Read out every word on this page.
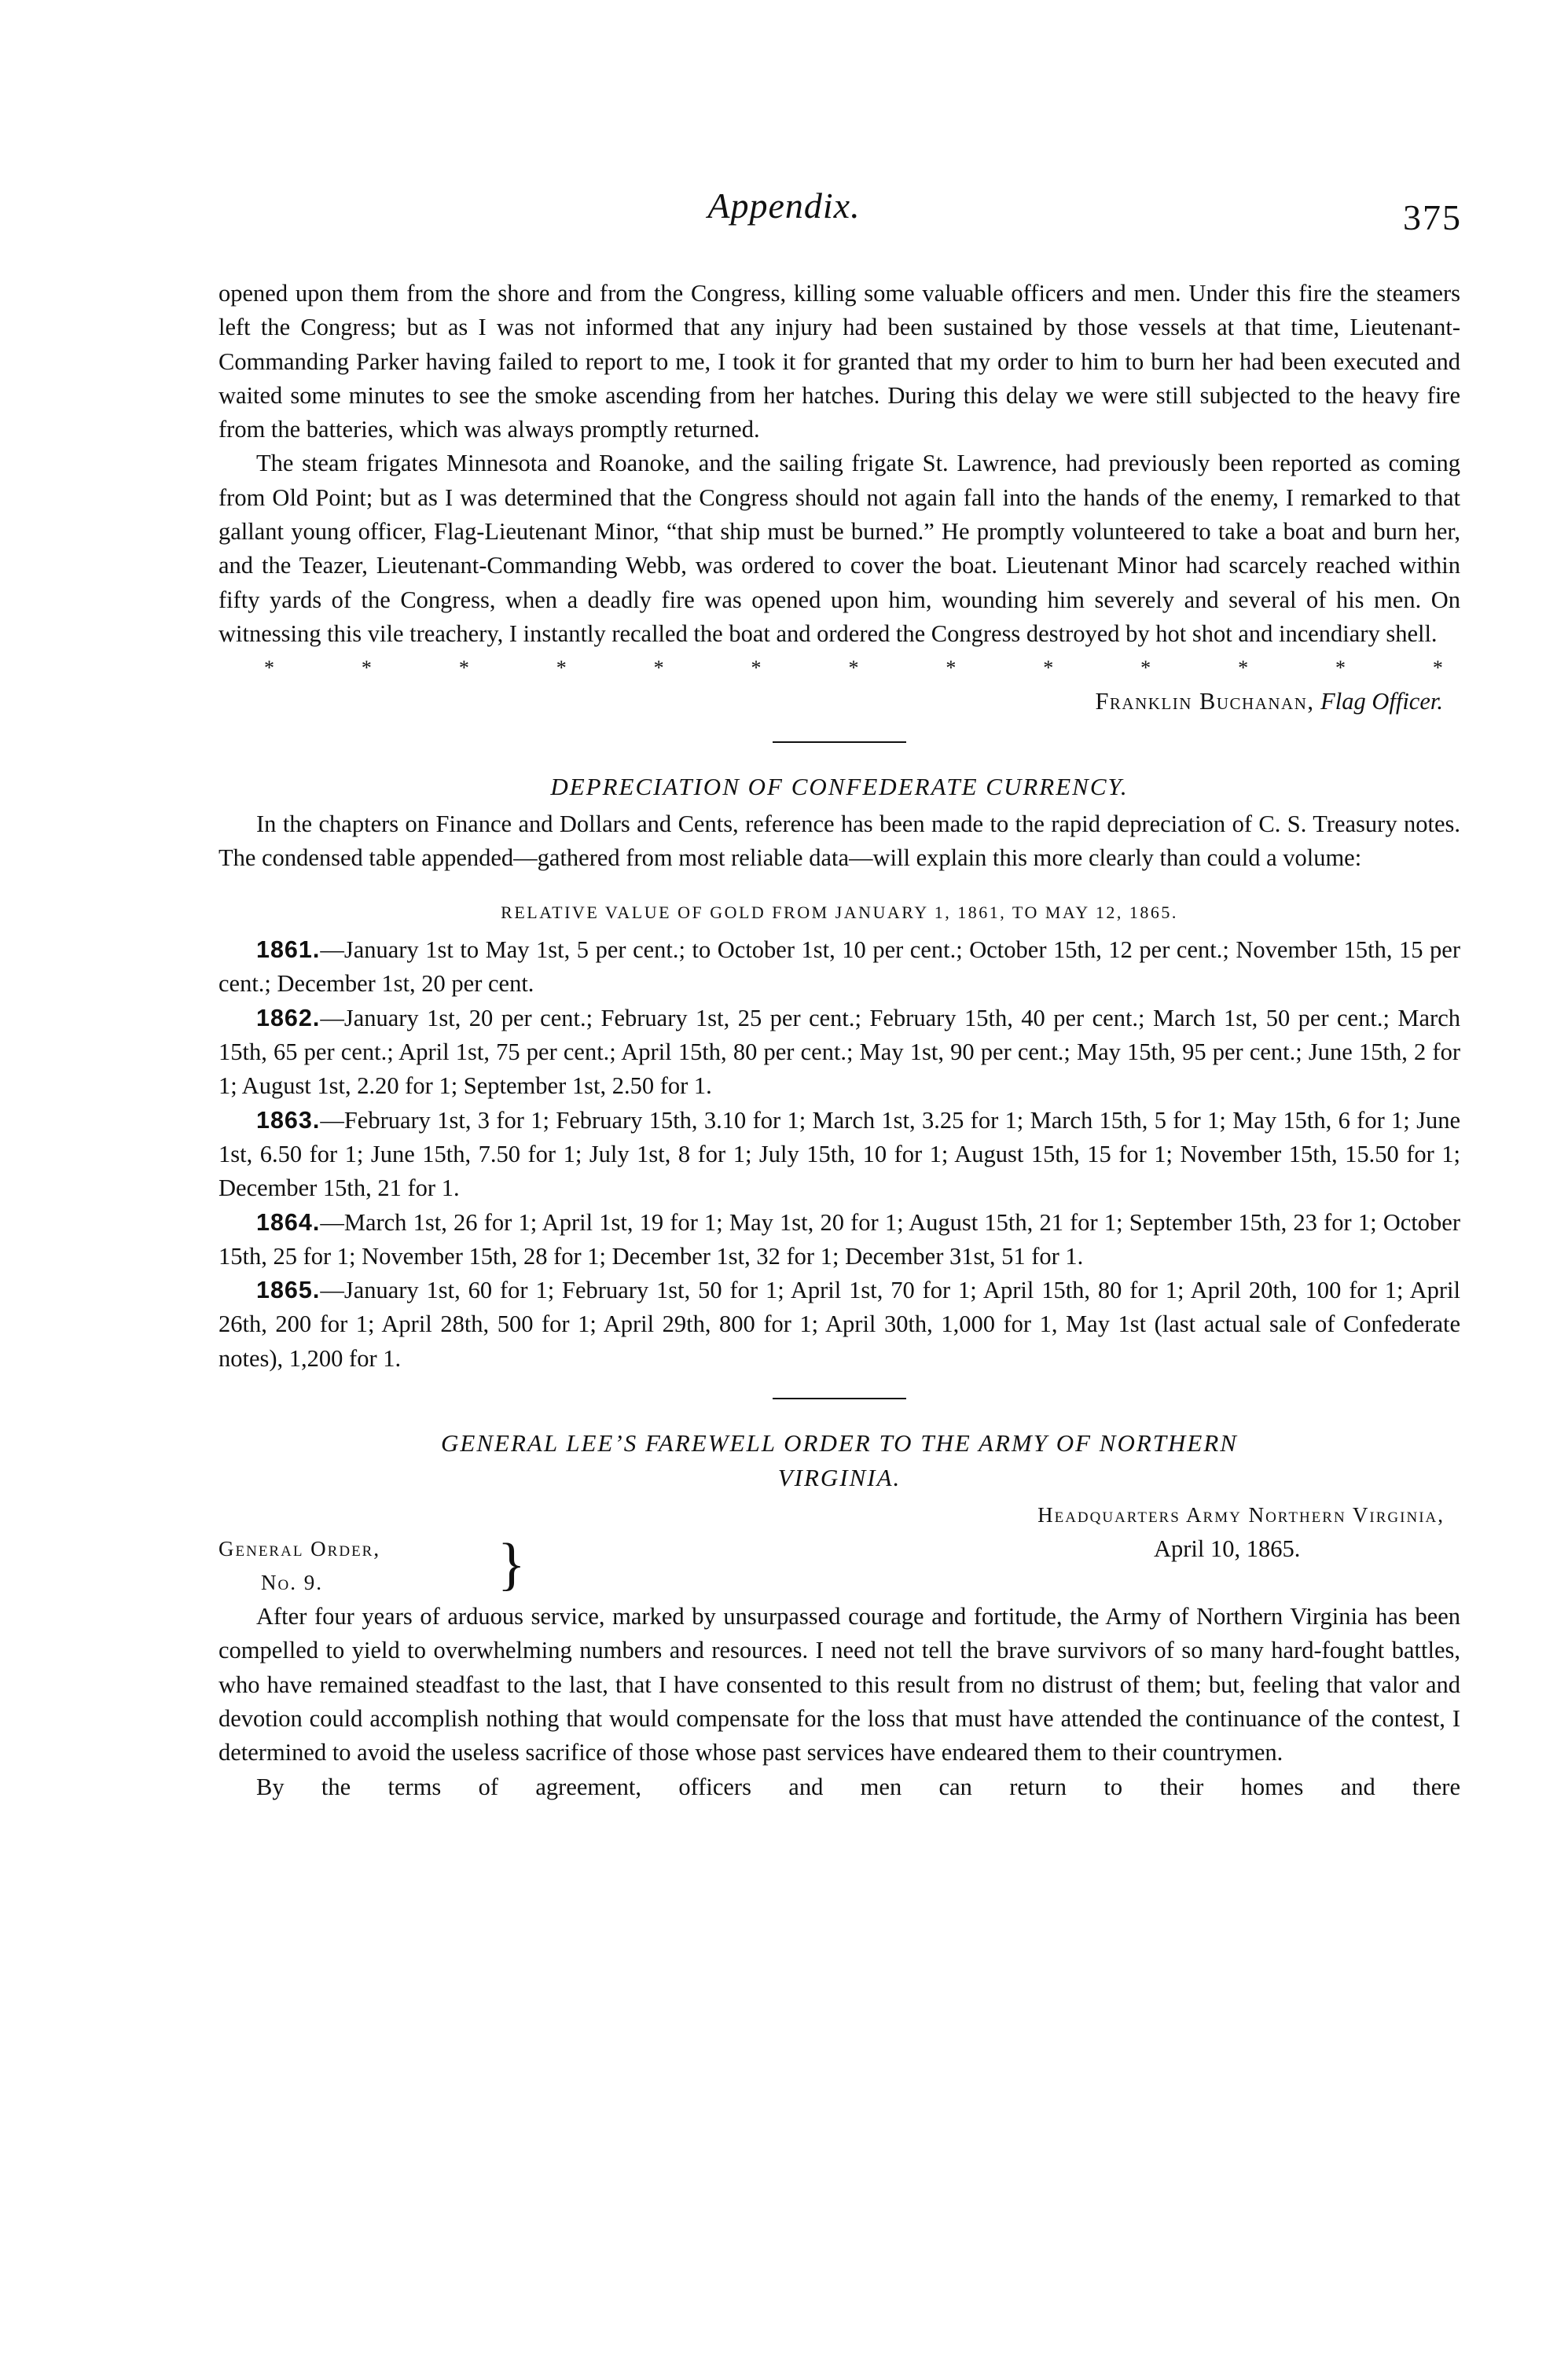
Appendix.	375

opened upon them from the shore and from the Congress, killing some valuable officers and men. Under this fire the steamers left the Congress; but as I was not informed that any injury had been sustained by those vessels at that time, Lieutenant-Commanding Parker having failed to report to me, I took it for granted that my order to him to burn her had been executed and waited some minutes to see the smoke ascending from her hatches. During this delay we were still subjected to the heavy fire from the batteries, which was always promptly returned.

The steam frigates Minnesota and Roanoke, and the sailing frigate St. Lawrence, had previously been reported as coming from Old Point; but as I was determined that the Congress should not again fall into the hands of the enemy, I remarked to that gallant young officer, Flag-Lieutenant Minor, “that ship must be burned.” He promptly volunteered to take a boat and burn her, and the Teazer, Lieutenant-Commanding Webb, was ordered to cover the boat. Lieutenant Minor had scarcely reached within fifty yards of the Congress, when a deadly fire was opened upon him, wounding him severely and several of his men. On witnessing this vile treachery, I instantly recalled the boat and ordered the Congress destroyed by hot shot and incendiary shell.

*	*	*	*	*	*	*	*	*	*	*	*	*
Franklin Buchanan, Flag Officer.
DEPRECIATION OF CONFEDERATE CURRENCY.

In the chapters on Finance and Dollars and Cents, reference has been made to the rapid depreciation of C. S. Treasury notes. The condensed table appended—gathered from most reliable data—will explain this more clearly than could a volume:

RELATIVE VALUE OF GOLD FROM JANUARY 1, 1861, TO MAY 12, 1865.

1861.—January 1st to May 1st, 5 per cent.; to October 1st, 10 per cent.; October 15th, 12 per cent.; November 15th, 15 per cent.; December 1st, 20 per cent.

1862.—January 1st, 20 per cent.; February 1st, 25 per cent.; February 15th, 40 per cent.; March 1st, 50 per cent.; March 15th, 65 per cent.; April 1st, 75 per cent.; April 15th, 80 per cent.; May 1st, 90 per cent.; May 15th, 95 per cent.; June 15th, 2 for 1; August 1st, 2.20 for 1; September 1st, 2.50 for 1.

1863.—February 1st, 3 for 1; February 15th, 3.10 for 1; March 1st, 3.25 for 1; March 15th, 5 for 1; May 15th, 6 for 1; June 1st, 6.50 for 1; June 15th, 7.50 for 1; July 1st, 8 for 1; July 15th, 10 for 1; August 15th, 15 for 1; November 15th, 15.50 for 1; December 15th, 21 for 1.

1864.—March 1st, 26 for 1; April 1st, 19 for 1; May 1st, 20 for 1; August 15th, 21 for 1; September 15th, 23 for 1; October 15th, 25 for 1; November 15th, 28 for 1; December 1st, 32 for 1; December 31st, 51 for 1.

1865.—January 1st, 60 for 1; February 1st, 50 for 1; April 1st, 70 for 1; April 15th, 80 for 1; April 20th, 100 for 1; April 26th, 200 for 1; April 28th, 500 for 1; April 29th, 800 for 1; April 30th, 1,000 for 1, May 1st (last actual sale of Confederate notes), 1,200 for 1.

GENERAL LEE’S FAREWELL ORDER TO THE ARMY OF NORTHERN
VIRGINIA.
Headquarters Army Northern Virginia,
General Order,
No. 9.	}	April 10, 1865.

After four years of arduous service, marked by unsurpassed courage and fortitude, the Army of Northern Virginia has been compelled to yield to overwhelming numbers and resources. I need not tell the brave survivors of so many hard-fought battles, who have remained steadfast to the last, that I have consented to this result from no distrust of them; but, feeling that valor and devotion could accomplish nothing that would compensate for the loss that must have attended the continuance of the contest, I determined to avoid the useless sacrifice of those whose past services have endeared them to their countrymen.

By the terms of agreement, officers and men can return to their homes and there
